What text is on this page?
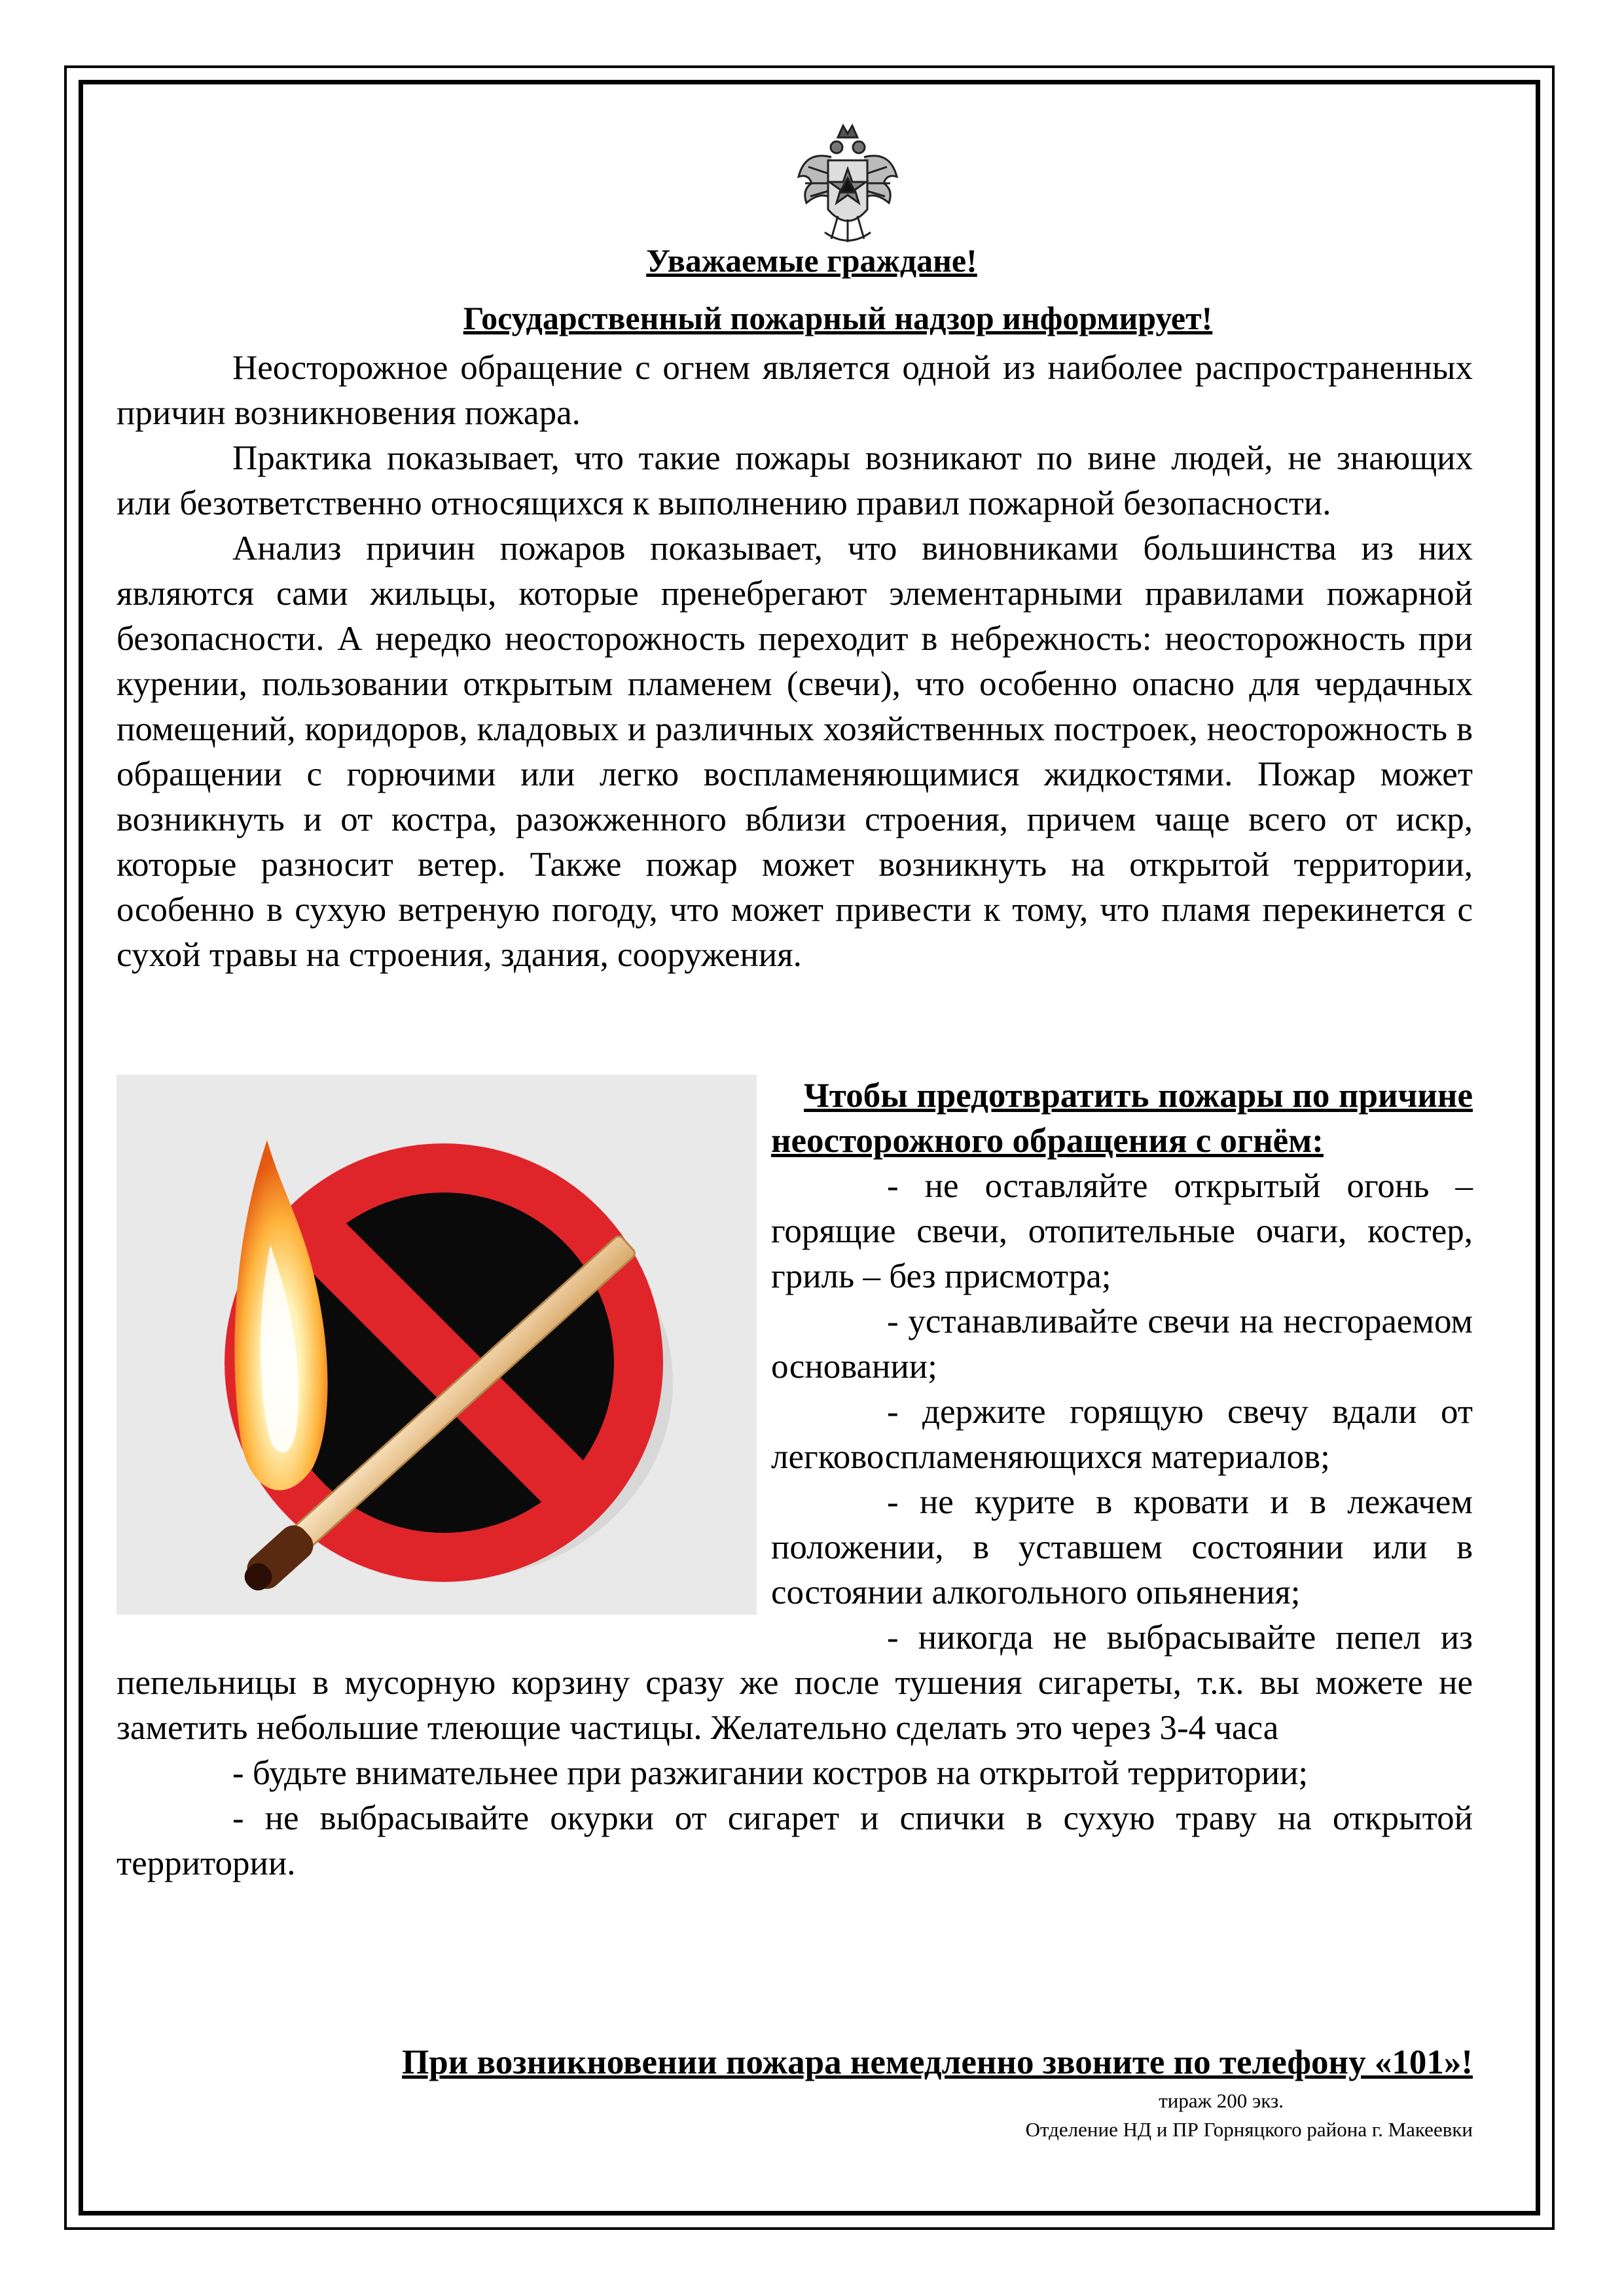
Уважаемые граждане!
Государственный пожарный надзор информирует!

Неосторожное обращение с огнем является одной из наиболее распространенных причин возникновения пожара.

Практика показывает, что такие пожары возникают по вине людей, не знающих или безответственно относящихся к выполнению правил пожарной безопасности.

Анализ причин пожаров показывает, что виновниками большинства из них являются сами жильцы, которые пренебрегают элементарными правилами пожарной безопасности. А нередко неосторожность переходит в небрежность: неосторожность при курении, пользовании открытым пламенем (свечи), что особенно опасно для чердачных помещений, коридоров, кладовых и различных хозяйственных построек, неосторожность в обращении с горючими или легко воспламеняющимися жидкостями. Пожар может возникнуть и от костра, разожженного вблизи строения, причем чаще всего от искр, которые разносит ветер. Также пожар может возникнуть на открытой территории, особенно в сухую ветреную погоду, что может привести к тому, что пламя перекинется с сухой травы на строения, здания, сооружения.

Чтобы предотвратить пожары по причине неосторожного обращения с огнём:

- не оставляйте открытый огонь – горящие свечи, отопительные очаги, костер, гриль – без присмотра;

- устанавливайте свечи на несгораемом основании;

- держите горящую свечу вдали от легковоспламеняющихся материалов;

- не курите в кровати и в лежачем положении, в уставшем состоянии или в состоянии алкогольного опьянения;

- никогда не выбрасывайте пепел из пепельницы в мусорную корзину сразу же после тушения сигареты, т.к. вы можете не заметить небольшие тлеющие частицы. Желательно сделать это через 3-4 часа

- будьте внимательнее при разжигании костров на открытой территории;

- не выбрасывайте окурки от сигарет и спички в сухую траву на открытой территории.

При возникновении пожара немедленно звоните по телефону «101»!

тираж 200 экз.

Отделение НД и ПР Горняцкого района г. Макеевки
